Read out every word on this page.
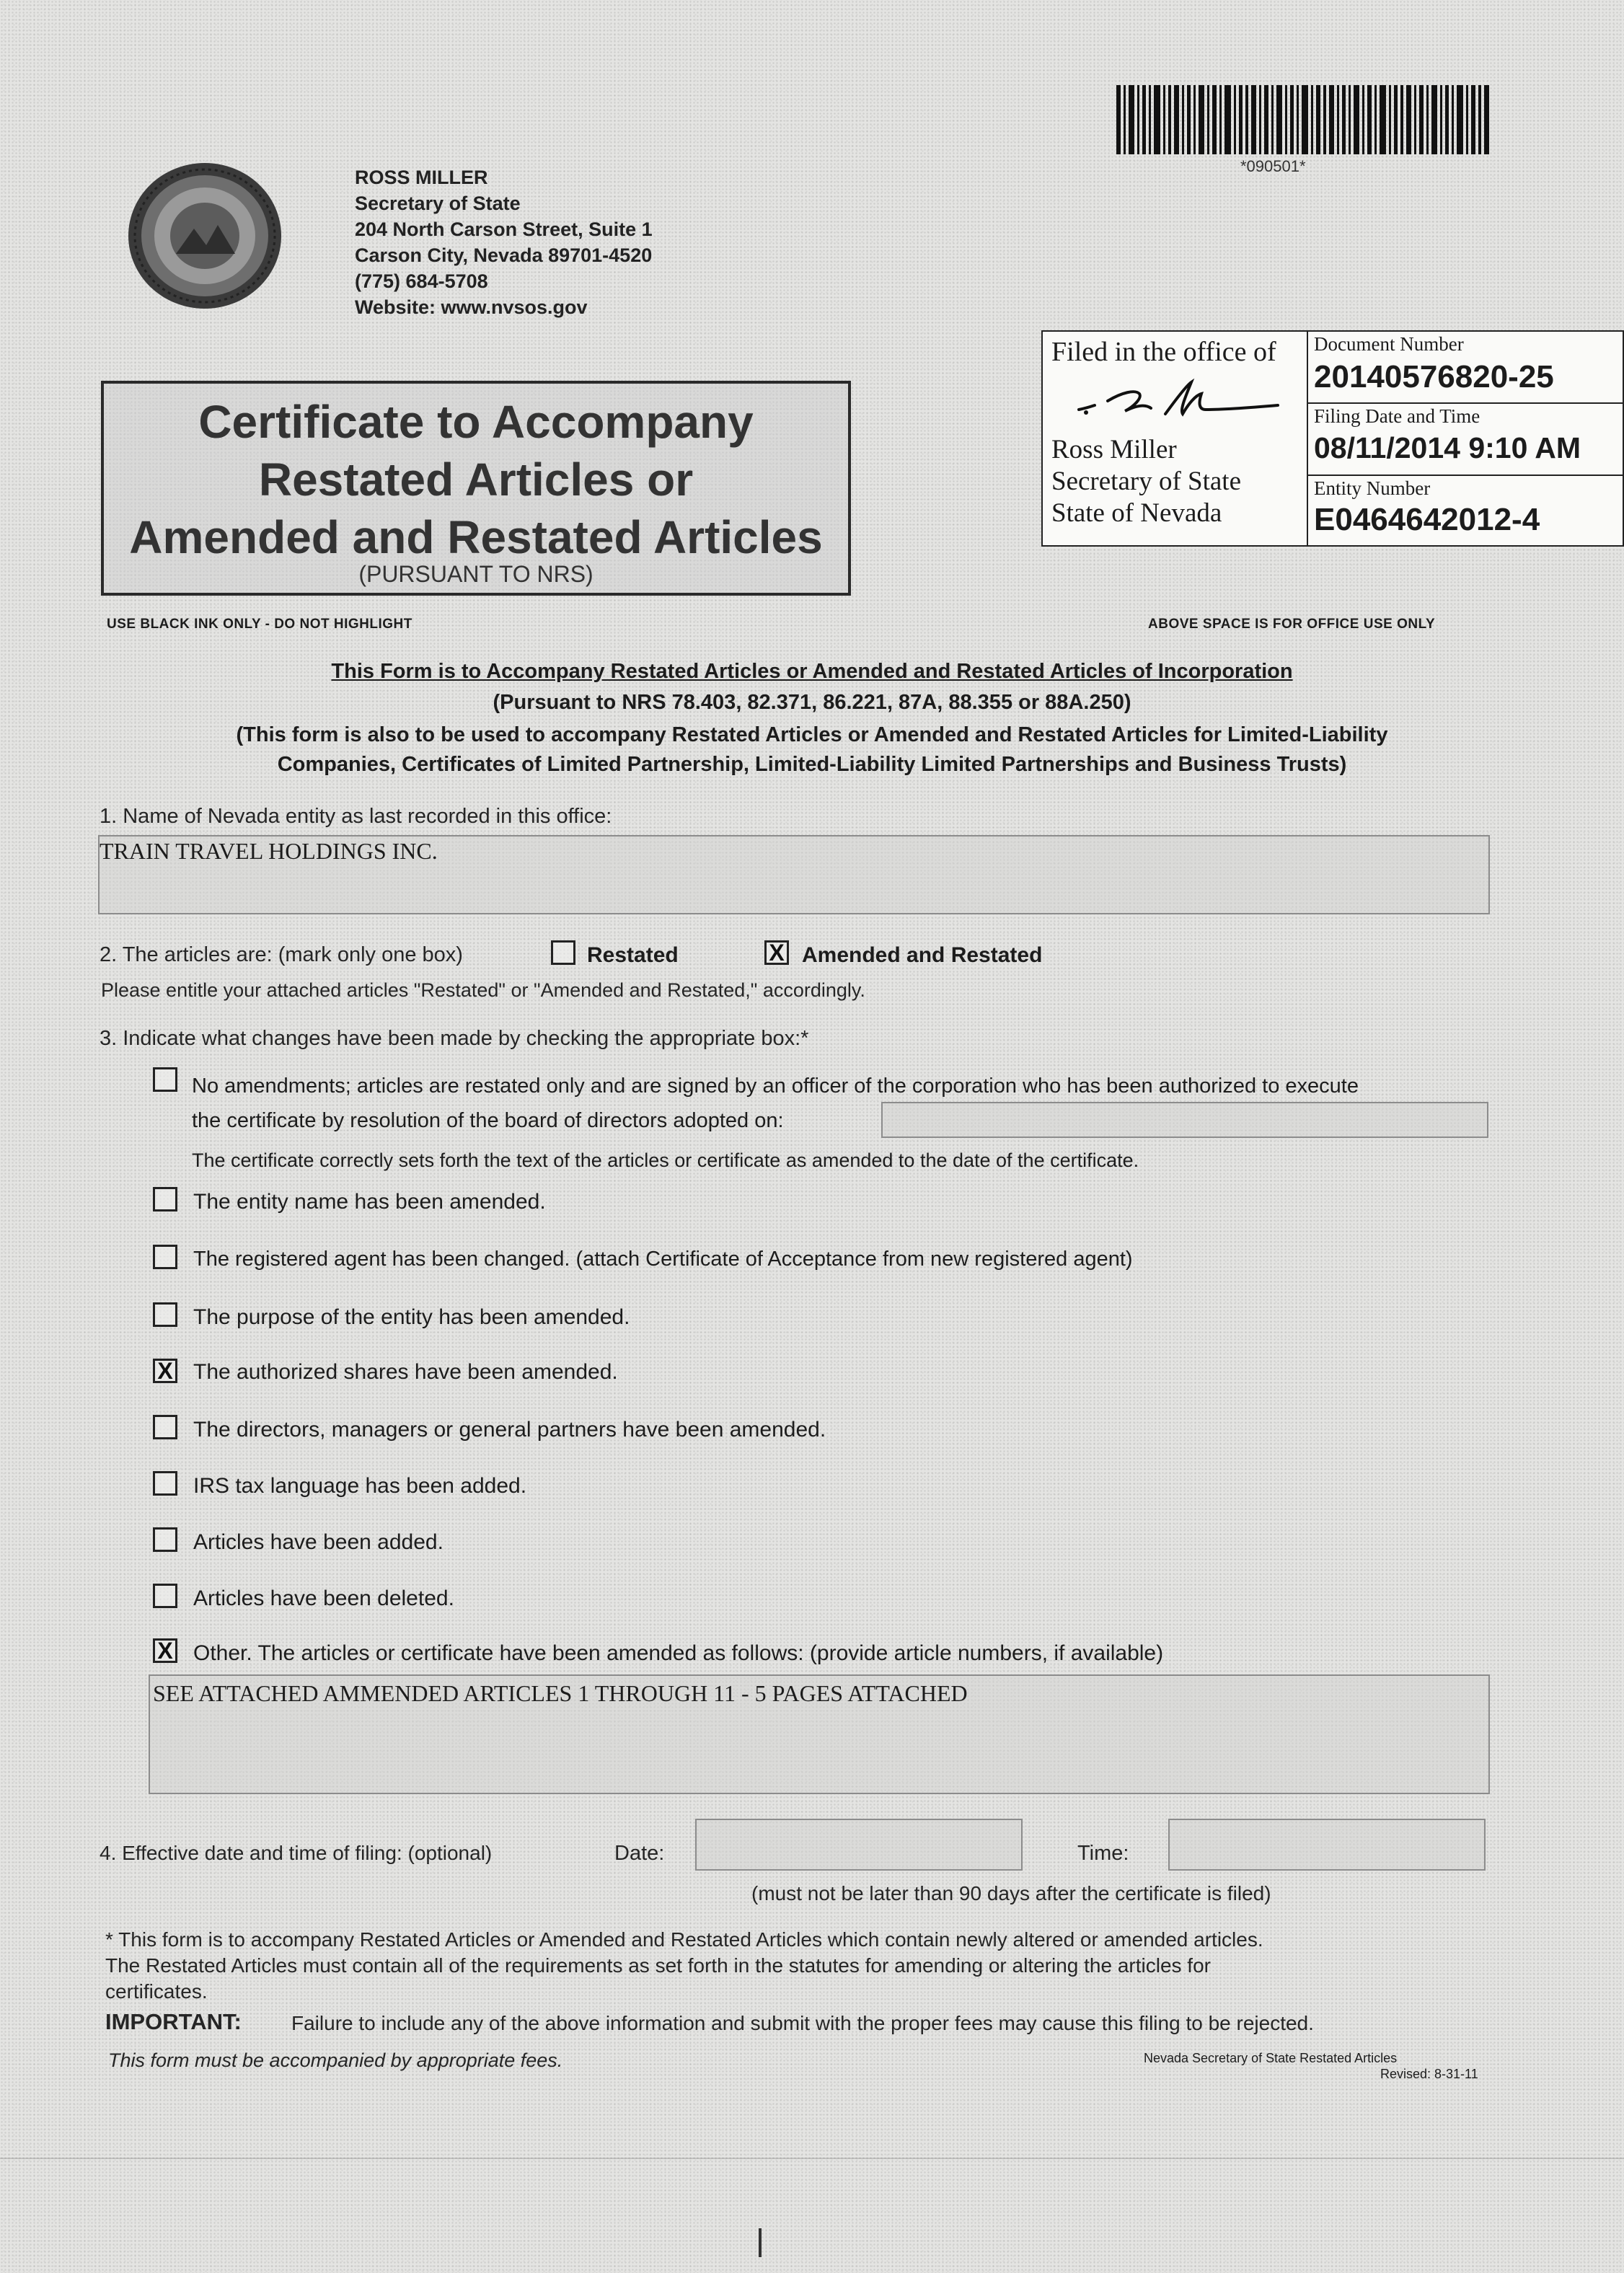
*090501*
ROSS MILLER
Secretary of State
204 North Carson Street, Suite 1
Carson City, Nevada 89701-4520
(775) 684-5708
Website: www.nvsos.gov
Certificate to Accompany
Restated Articles or
Amended and Restated Articles
(PURSUANT TO NRS)
Filed in the office of
Ross Miller
Secretary of State
State of Nevada
Document Number
20140576820-25
Filing Date and Time
08/11/2014 9:10 AM
Entity Number
E0464642012-4
USE BLACK INK ONLY - DO NOT HIGHLIGHT	ABOVE SPACE IS FOR OFFICE USE ONLY
This Form is to Accompany Restated Articles or Amended and Restated Articles of Incorporation
(Pursuant to NRS 78.403, 82.371, 86.221, 87A, 88.355 or 88A.250)
(This form is also to be used to accompany Restated Articles or Amended and Restated Articles for Limited-Liability
Companies, Certificates of Limited Partnership, Limited-Liability Limited Partnerships and Business Trusts)
1. Name of Nevada entity as last recorded in this office:
TRAIN TRAVEL HOLDINGS INC.
2. The articles are: (mark only one box)	Restated	X Amended and Restated
Please entitle your attached articles "Restated" or "Amended and Restated," accordingly.
3. Indicate what changes have been made by checking the appropriate box:*
No amendments; articles are restated only and are signed by an officer of the corporation who has been authorized to execute
the certificate by resolution of the board of directors adopted on:
The certificate correctly sets forth the text of the articles or certificate as amended to the date of the certificate.
The entity name has been amended.
The registered agent has been changed. (attach Certificate of Acceptance from new registered agent)
The purpose of the entity has been amended.
X The authorized shares have been amended.
The directors, managers or general partners have been amended.
IRS tax language has been added.
Articles have been added.
Articles have been deleted.
X Other. The articles or certificate have been amended as follows: (provide article numbers, if available)
SEE ATTACHED AMMENDED ARTICLES 1 THROUGH 11 - 5 PAGES ATTACHED
4. Effective date and time of filing: (optional)	Date:	Time:
(must not be later than 90 days after the certificate is filed)
* This form is to accompany Restated Articles or Amended and Restated Articles which contain newly altered or amended articles.
The Restated Articles must contain all of the requirements as set forth in the statutes for amending or altering the articles for
certificates.
IMPORTANT: Failure to include any of the above information and submit with the proper fees may cause this filing to be rejected.
This form must be accompanied by appropriate fees.	Nevada Secretary of State Restated Articles
Revised: 8-31-11
